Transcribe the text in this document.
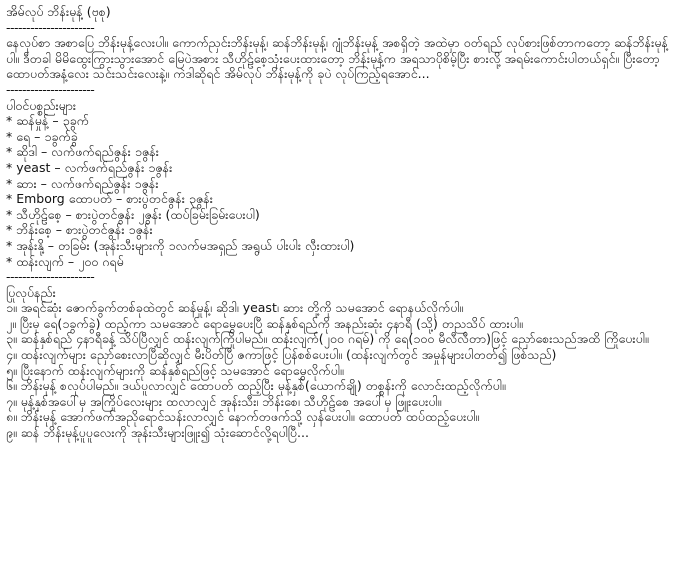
အိမ်လုပ် ဘိန်းမုန့် (ဗုစု)
----------------------
နေလုပ်စာ အစာပြေ ဘိန်းမုန့်လေးပါ။ ကောက်ညှင်းဘိန်းမုန့်၊ ဆန်ဘိန်းမုန့်၊ ဂျုံဘိန်းမုန့် အစရှိတဲ့ အထဲမှာ ဝတ်ရည် လုပ်စားဖြစ်တာကတော့ ဆန်ဘိန်းမုန့်ပါ။ ဒီတခါ မိမိထွေးကြွားသွားအောင် မြေပဲအစား သီဟိုဠ်စေ့သုံးပေးထားတော့ ဘိန်းမုန့်က အရသာပိုစိမ့်ပြီး စားလို့ အရမ်းကောင်းပါတယ်ရှင်။ ပြီးတော့ ထောပတ်အနံ့လေး သင်းသင်းလေးနဲ့။ ကဲဒါဆိုရင် အိမ်လုပ် ဘိန်းမုန့်ကို ခုပဲ လုပ်ကြည့်ရအောင်...
----------------------
ပါဝင်ပစ္စည်းများ
* ဆန်မှုန့် – ၃ခွက်
* ရေ – ၁ခွက်ခွဲ
* ဆိုဒါ – လက်ဖက်ရည်ဇွန်း ၁ဇွန်း
* yeast – လက်ဖက်ရည်ဇွန်း ၁ဇွန်း
* ဆား – လက်ဖက်ရည်ဇွန်း ၁ဇွန်း
* Emborg ထောပတ် – စားပွဲတင်ဇွန်း ၃ဇွန်း
* သီဟိုဠ်စေ့ – စားပွဲတင်ဇွန်း ၂ဇွန်း (ထပ်ခြမ်းခြမ်းပေးပါ)
* ဘိန်းစေ့ – စားပွဲတင်ဇွန်း ၁ဇွန်း
* အုန်းနို့ – တခြမ်း (အုန်းသီးများကို ၁လက်မအရှည် အရွယ် ပါးပါး လှီးထားပါ)
* ထန်းလျက် – ၂၀၀ ဂရမ်
----------------------
ပြုလုပ်နည်း
၁။ အရင်ဆုံး ဇောက်ခွက်တစ်ခုထဲတွင် ဆန်မှုန့်၊ ဆိုဒါ၊ yeast၊ ဆား တို့ကို သမအောင် ရောနယ်လိုက်ပါ။
၂။ ပြီးမှ ရေ(၁ခွက်ခွဲ) ထည့်ကာ သမအောင် ရောမွှေပေးပြီ ဆန်နှစ်ရည်ကို အနည်းဆုံး ၄နာရီ (သို့) တညသိပ် ထားပါ။
၃။ ဆန်နှစ်ရည် ၄နာရီခန့် သိပ်ပြီလျှင် ထန်းလျက်ကြိုပါမည်။ ထန်းလျက်(၂၀၀ ဂရမ်) ကို ရေ(၁၀၀ မီလီလီတာ)ဖြင့် ညှော်စေးသည်အထိ ကြိုပေးပါ။
၄။ ထန်းလျက်များ ညှော်စေးလာပြီဆိုလျှင် မီးပိတ်ပြီ ဇကာဖြင့် ပြန်စစ်ပေးပါ။ (ထန်းလျက်တွင် အမှုန်များပါတတ်၍ ဖြစ်သည်)
၅။ ပြီးနောက် ထန်းလျက်များကို ဆန်နှစ်ရည်ဖြင့် သမအောင် ရောမွှေလိုက်ပါ။
၆။ ဘိန်းမုန့် စလုပ်ပါမည်။ ဒယ်ပူလာလျှင် ထောပတ် ထည့်ပြီး မုန့်နှစ်(ယောက်ချို) တစ္စန်းကို လောင်းထည့်လိုက်ပါ။
၇။ မုန့်နှစ်အပေါ်မှ အကြိုပ်လေးများ ထလာလျှင် အုန်းသီး၊ ဘိန်းစေ၊ သီဟိုဠ်စေ အပေါ်မှ ဖြူးပေးပါ။
၈။ ဘိန်းမုန့် အောက်ဖက်အညိုရောင်သန်းလာလျှင် နောက်တဖက်သို့ လှန်ပေးပါ။ ထောပတ် ထပ်ထည့်ပေးပါ။
၉။ ဆန် ဘိန်းမုန့်ပူပူလေးကို အုန်းသီးများဖြူး၍ သုံးဆောင်လို့ရပါပြီ...
